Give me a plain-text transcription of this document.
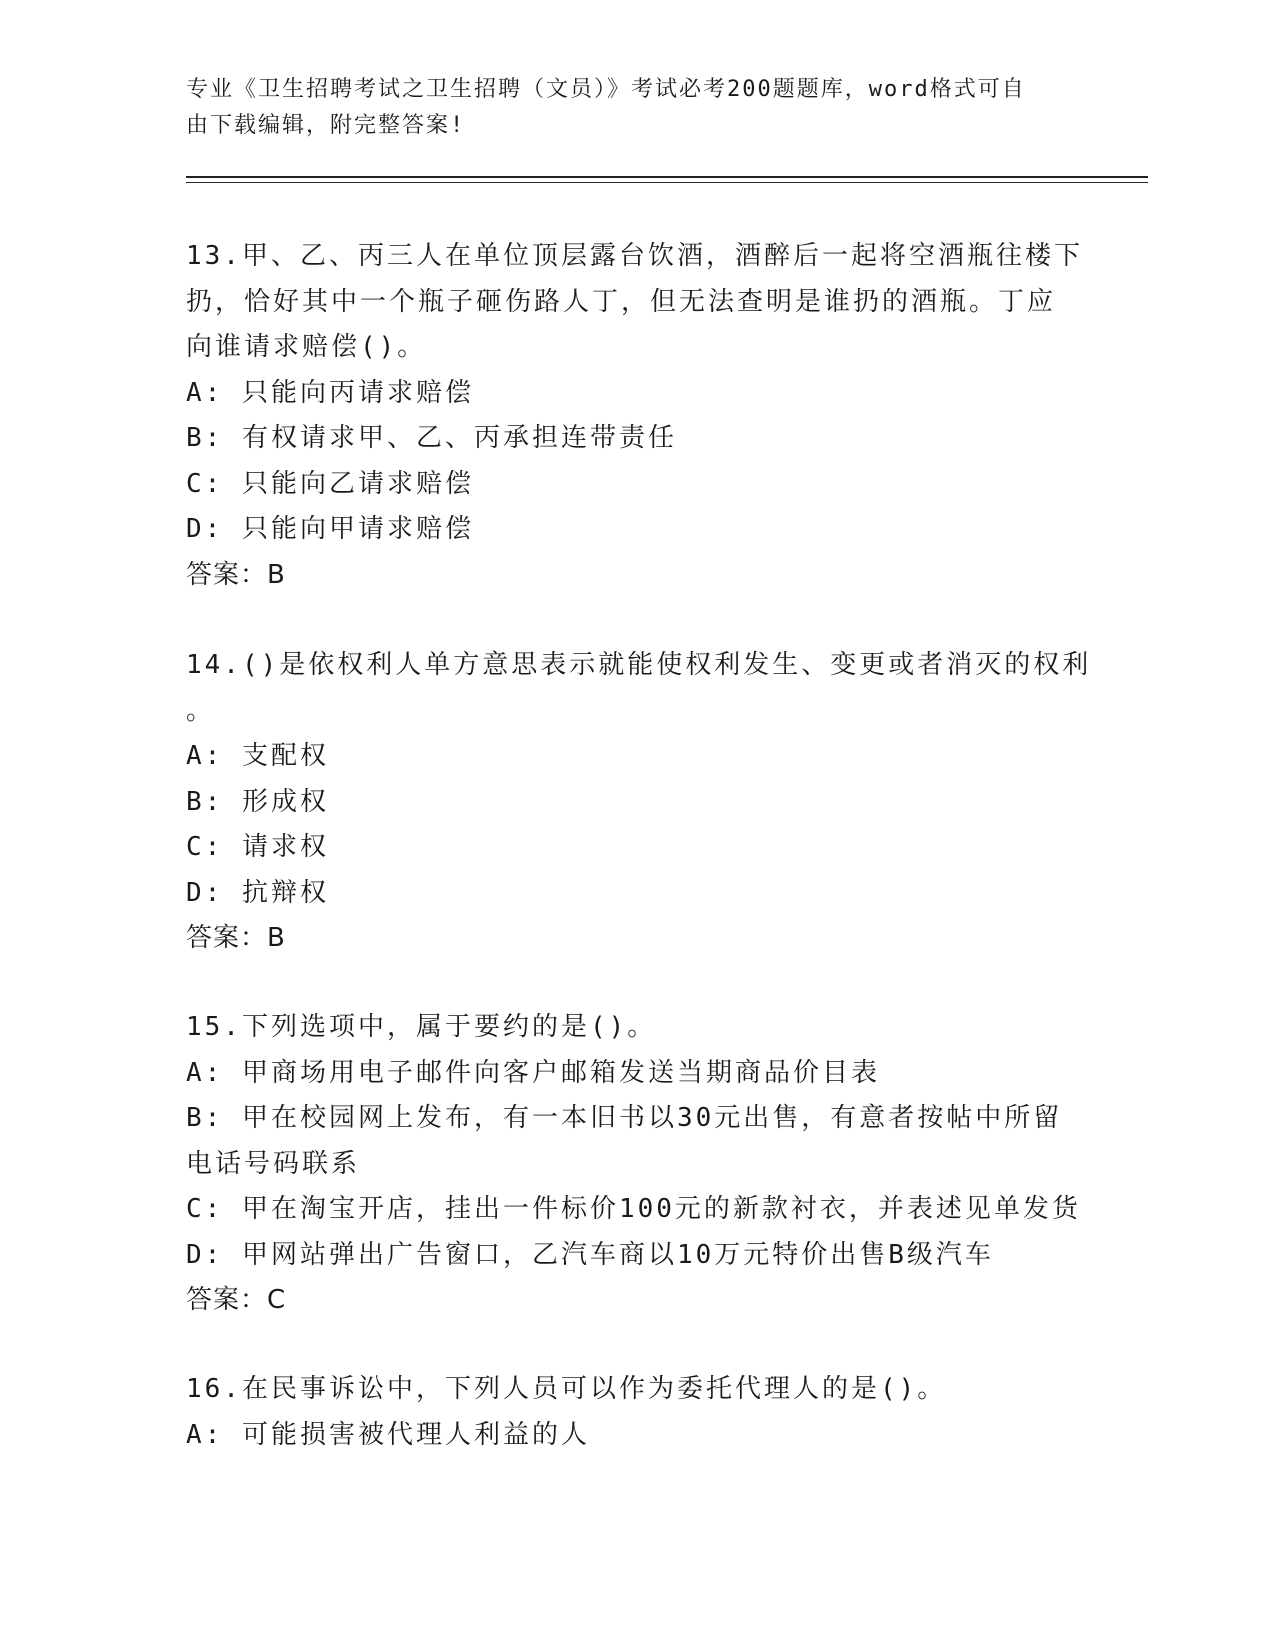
专业《卫生招聘考试之卫生招聘（文员）》考试必考200题题库，word格式可自
由下载编辑，附完整答案!
13.甲、乙、丙三人在单位顶层露台饮酒，酒醉后一起将空酒瓶往楼下
扔，恰好其中一个瓶子砸伤路人丁，但无法查明是谁扔的酒瓶。丁应
向谁请求赔偿()。
A: 只能向丙请求赔偿
B: 有权请求甲、乙、丙承担连带责任
C: 只能向乙请求赔偿
D: 只能向甲请求赔偿
答案：B
14.()是依权利人单方意思表示就能使权利发生、变更或者消灭的权利
。
A: 支配权
B: 形成权
C: 请求权
D: 抗辩权
答案：B
15.下列选项中，属于要约的是()。
A: 甲商场用电子邮件向客户邮箱发送当期商品价目表
B: 甲在校园网上发布，有一本旧书以30元出售，有意者按帖中所留
电话号码联系
C: 甲在淘宝开店，挂出一件标价100元的新款衬衣，并表述见单发货
D: 甲网站弹出广告窗口，乙汽车商以10万元特价出售B级汽车
答案：C
16.在民事诉讼中，下列人员可以作为委托代理人的是()。
A: 可能损害被代理人利益的人
